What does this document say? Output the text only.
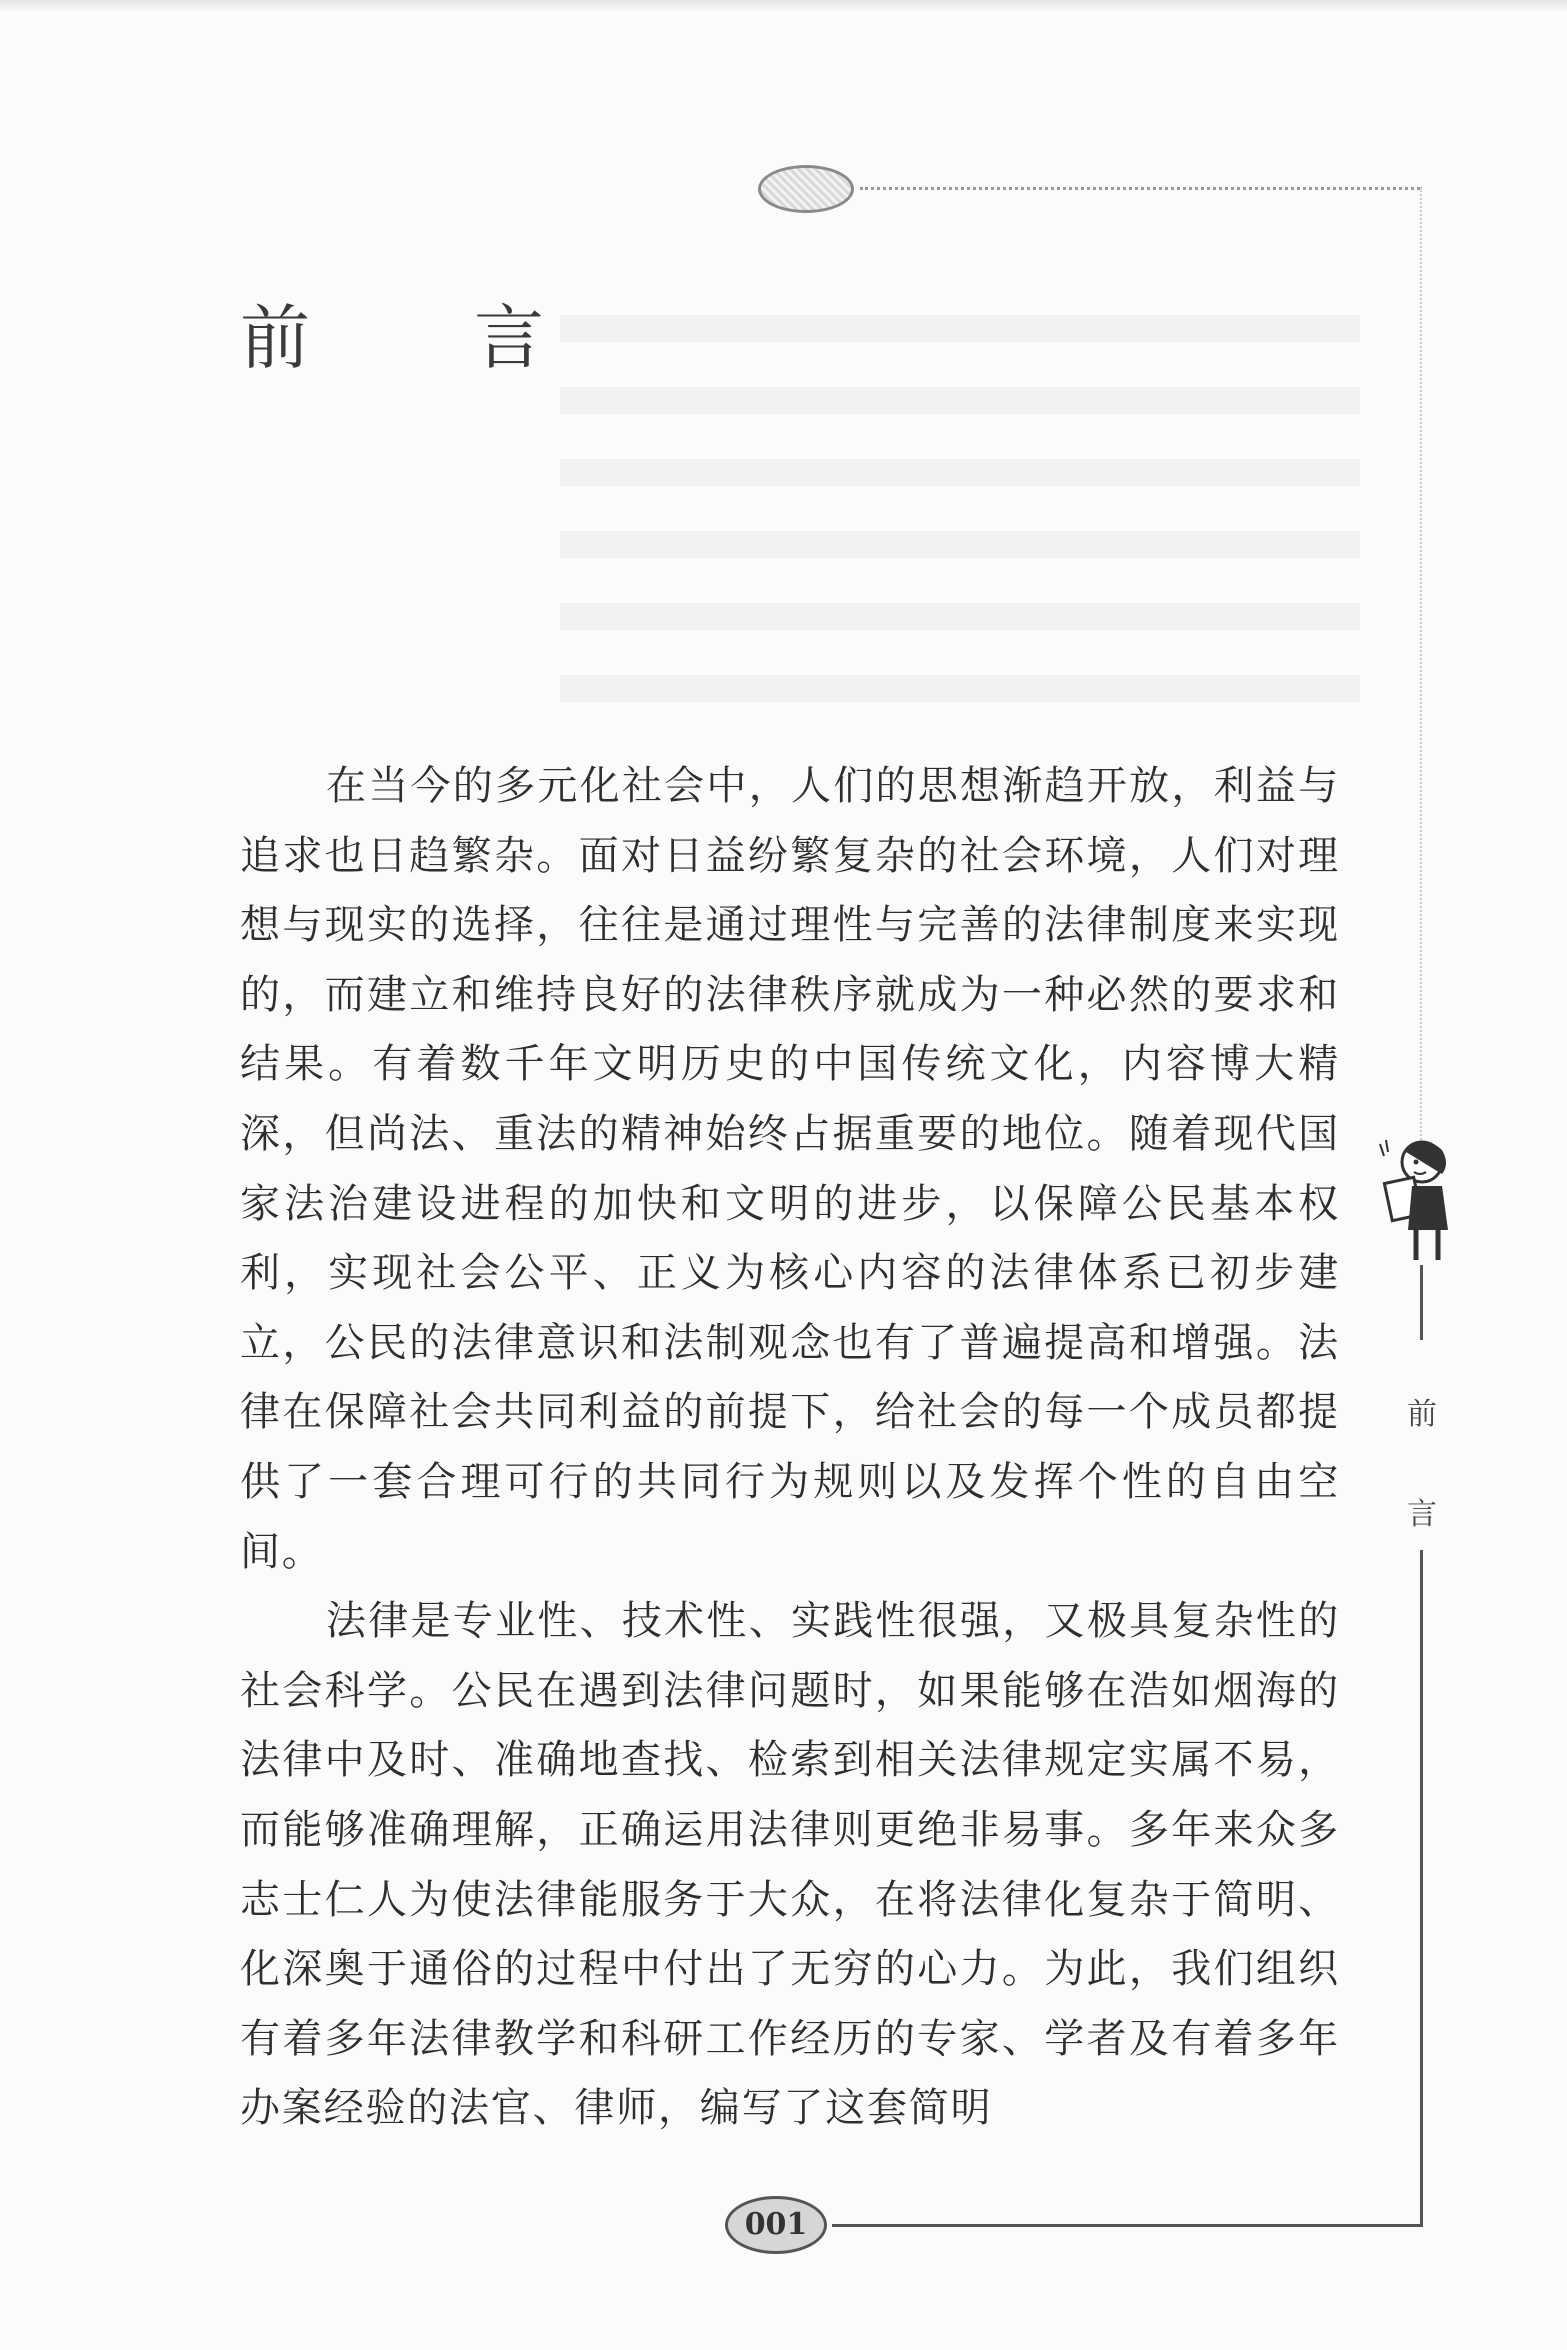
前 言

在当今的多元化社会中，人们的思想渐趋开放，利益与追求也日趋繁杂。面对日益纷繁复杂的社会环境，人们对理想与现实的选择，往往是通过理性与完善的法律制度来实现的，而建立和维持良好的法律秩序就成为一种必然的要求和结果。有着数千年文明历史的中国传统文化，内容博大精深，但尚法、重法的精神始终占据重要的地位。随着现代国家法治建设进程的加快和文明的进步，以保障公民基本权利，实现社会公平、正义为核心内容的法律体系已初步建立，公民的法律意识和法制观念也有了普遍提高和增强。法律在保障社会共同利益的前提下，给社会的每一个成员都提供了一套合理可行的共同行为规则以及发挥个性的自由空间。

法律是专业性、技术性、实践性很强，又极具复杂性的社会科学。公民在遇到法律问题时，如果能够在浩如烟海的法律中及时、准确地查找、检索到相关法律规定实属不易，而能够准确理解，正确运用法律则更绝非易事。多年来众多志士仁人为使法律能服务于大众，在将法律化复杂于简明、化深奥于通俗的过程中付出了无穷的心力。为此，我们组织有着多年法律教学和科研工作经历的专家、学者及有着多年办案经验的法官、律师，编写了这套简明

前
言
001
